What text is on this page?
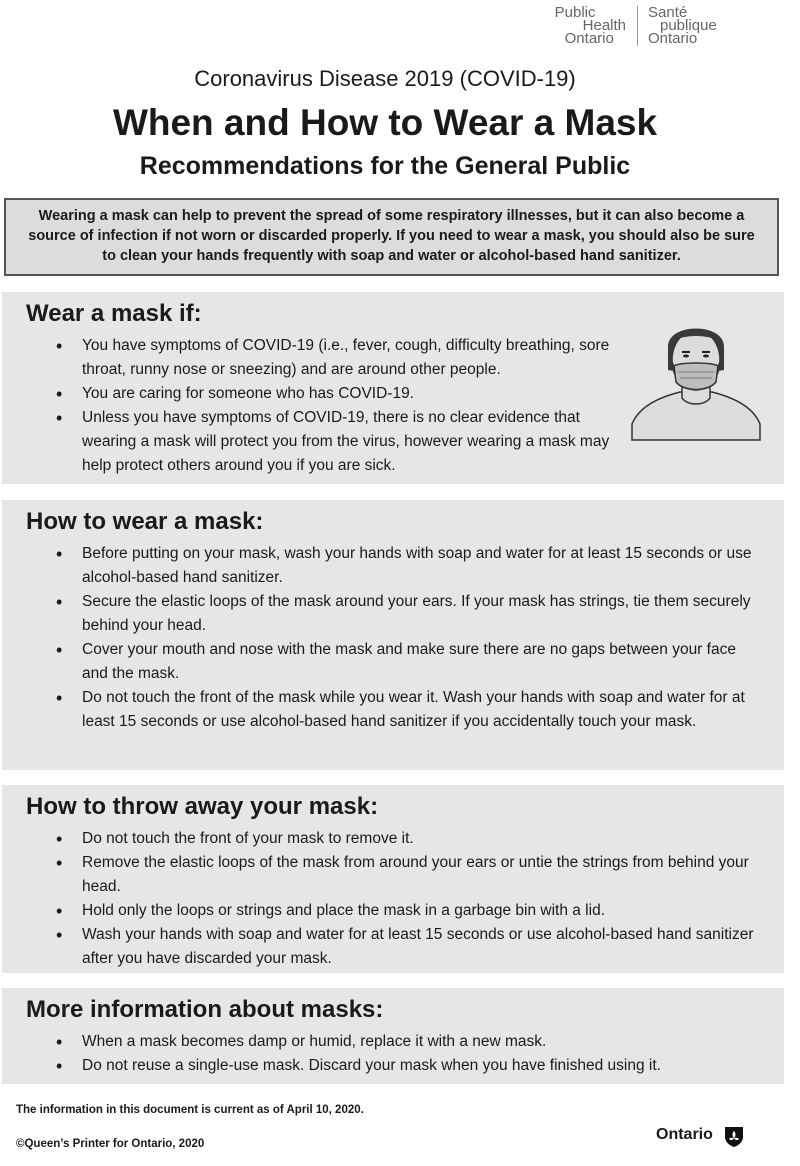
Public
Health
Ontario
Santé
publique
Ontario
Coronavirus Disease 2019 (COVID-19)
When and How to Wear a Mask
Recommendations for the General Public
Wearing a mask can help to prevent the spread of some respiratory illnesses, but it can also become a source of infection if not worn or discarded properly. If you need to wear a mask, you should also be sure to clean your hands frequently with soap and water or alcohol-based hand sanitizer.
Wear a mask if:
• You have symptoms of COVID-19 (i.e., fever, cough, difficulty breathing, sore throat, runny nose or sneezing) and are around other people.
• You are caring for someone who has COVID-19.
• Unless you have symptoms of COVID-19, there is no clear evidence that wearing a mask will protect you from the virus, however wearing a mask may help protect others around you if you are sick.
How to wear a mask:
• Before putting on your mask, wash your hands with soap and water for at least 15 seconds or use alcohol-based hand sanitizer.
• Secure the elastic loops of the mask around your ears. If your mask has strings, tie them securely behind your head.
• Cover your mouth and nose with the mask and make sure there are no gaps between your face and the mask.
• Do not touch the front of the mask while you wear it. Wash your hands with soap and water for at least 15 seconds or use alcohol-based hand sanitizer if you accidentally touch your mask.
How to throw away your mask:
• Do not touch the front of your mask to remove it.
• Remove the elastic loops of the mask from around your ears or untie the strings from behind your head.
• Hold only the loops or strings and place the mask in a garbage bin with a lid.
• Wash your hands with soap and water for at least 15 seconds or use alcohol-based hand sanitizer after you have discarded your mask.
More information about masks:
• When a mask becomes damp or humid, replace it with a new mask.
• Do not reuse a single-use mask. Discard your mask when you have finished using it.
The information in this document is current as of April 10, 2020.
©Queen’s Printer for Ontario, 2020
Ontario
